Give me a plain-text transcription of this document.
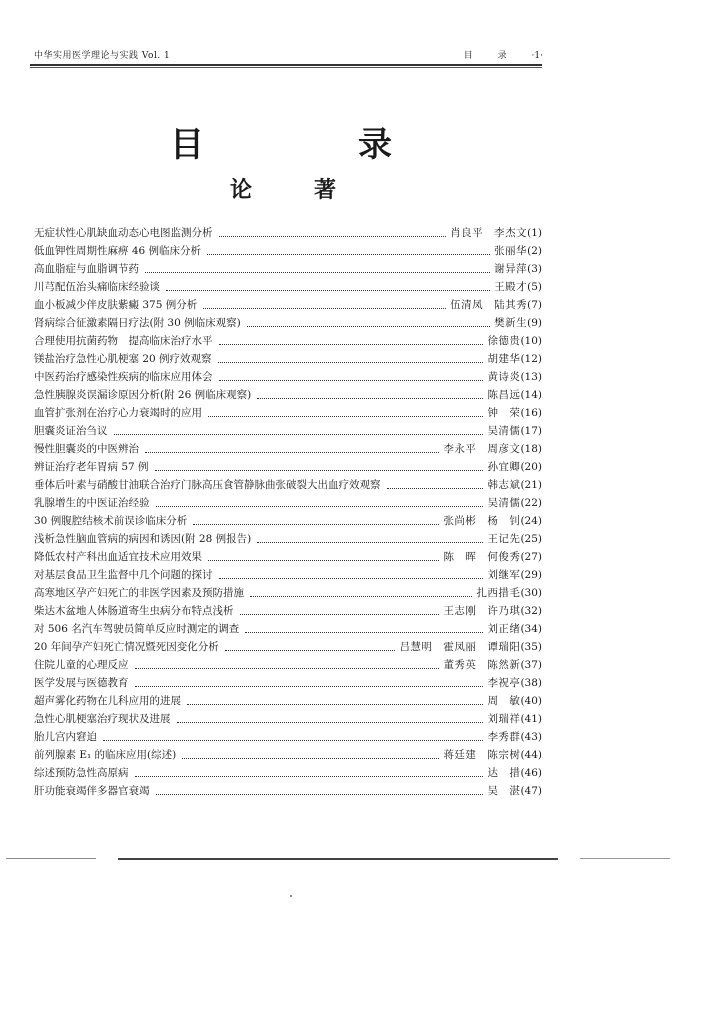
中华实用医学理论与实践 Vol. 1	目	录	·1·
目	录
论	著
无症状性心肌缺血动态心电图监测分析	肖良平　李杰文 (1)
低血钾性周期性麻痹 46 例临床分析	张丽华 (2)
高血脂症与血脂调节药	谢异萍 (3)
川芎配伍治头痛临床经验谈	王殿才 (5)
血小板减少伴皮肤紫癜 375 例分析	伍清凤　陆其秀 (7)
肾病综合征激素隔日疗法(附 30 例临床观察)	樊新生 (9)
合理使用抗菌药物　提高临床治疗水平	徐德贵 (10)
镁盐治疗急性心肌梗塞 20 例疗效观察	胡建华 (12)
中医药治疗感染性疾病的临床应用体会	黄诗炎 (13)
急性胰腺炎误漏诊原因分析(附 26 例临床观察)	陈昌远 (14)
血管扩张剂在治疗心力衰竭时的应用	钟　荣 (16)
胆囊炎证治刍议	吴清儒 (17)
慢性胆囊炎的中医辨治	李永平　周彦文 (18)
辨证治疗老年胃病 57 例	孙宜卿 (20)
垂体后叶素与硝酸甘油联合治疗门脉高压食管静脉曲张破裂大出血疗效观察	韩志斌 (21)
乳腺增生的中医证治经验	吴清儒 (22)
30 例腹腔结核术前误诊临床分析	张尚彬　杨　钊 (24)
浅析急性脑血管病的病因和诱因(附 28 例报告)	王记先 (25)
降低农村产科出血适宜技术应用效果	陈　晖　何俊秀 (27)
对基层食品卫生监督中几个问题的探讨	刘继军 (29)
高寒地区孕产妇死亡的非医学因素及预防措施	扎西措毛 (30)
柴达木盆地人体肠道寄生虫病分布特点浅析	王志刚　许乃琪 (32)
对 506 名汽车驾驶员简单反应时测定的调查	刘正绪 (34)
20 年间孕产妇死亡情况暨死因变化分析	吕慧明　霍凤丽　谭瑞阳 (35)
住院儿童的心理反应	董秀英　陈然新 (37)
医学发展与医德教育	李祝亭 (38)
超声雾化药物在儿科应用的进展	周　敏 (40)
急性心肌梗塞治疗现状及进展	刘瑞祥 (41)
胎儿宫内窘迫	李秀群 (43)
前列腺素 E₁ 的临床应用(综述)	蒋廷建　陈宗树 (44)
综述预防急性高原病	达　措 (46)
肝功能衰竭伴多器官衰竭	吴　湛 (47)
